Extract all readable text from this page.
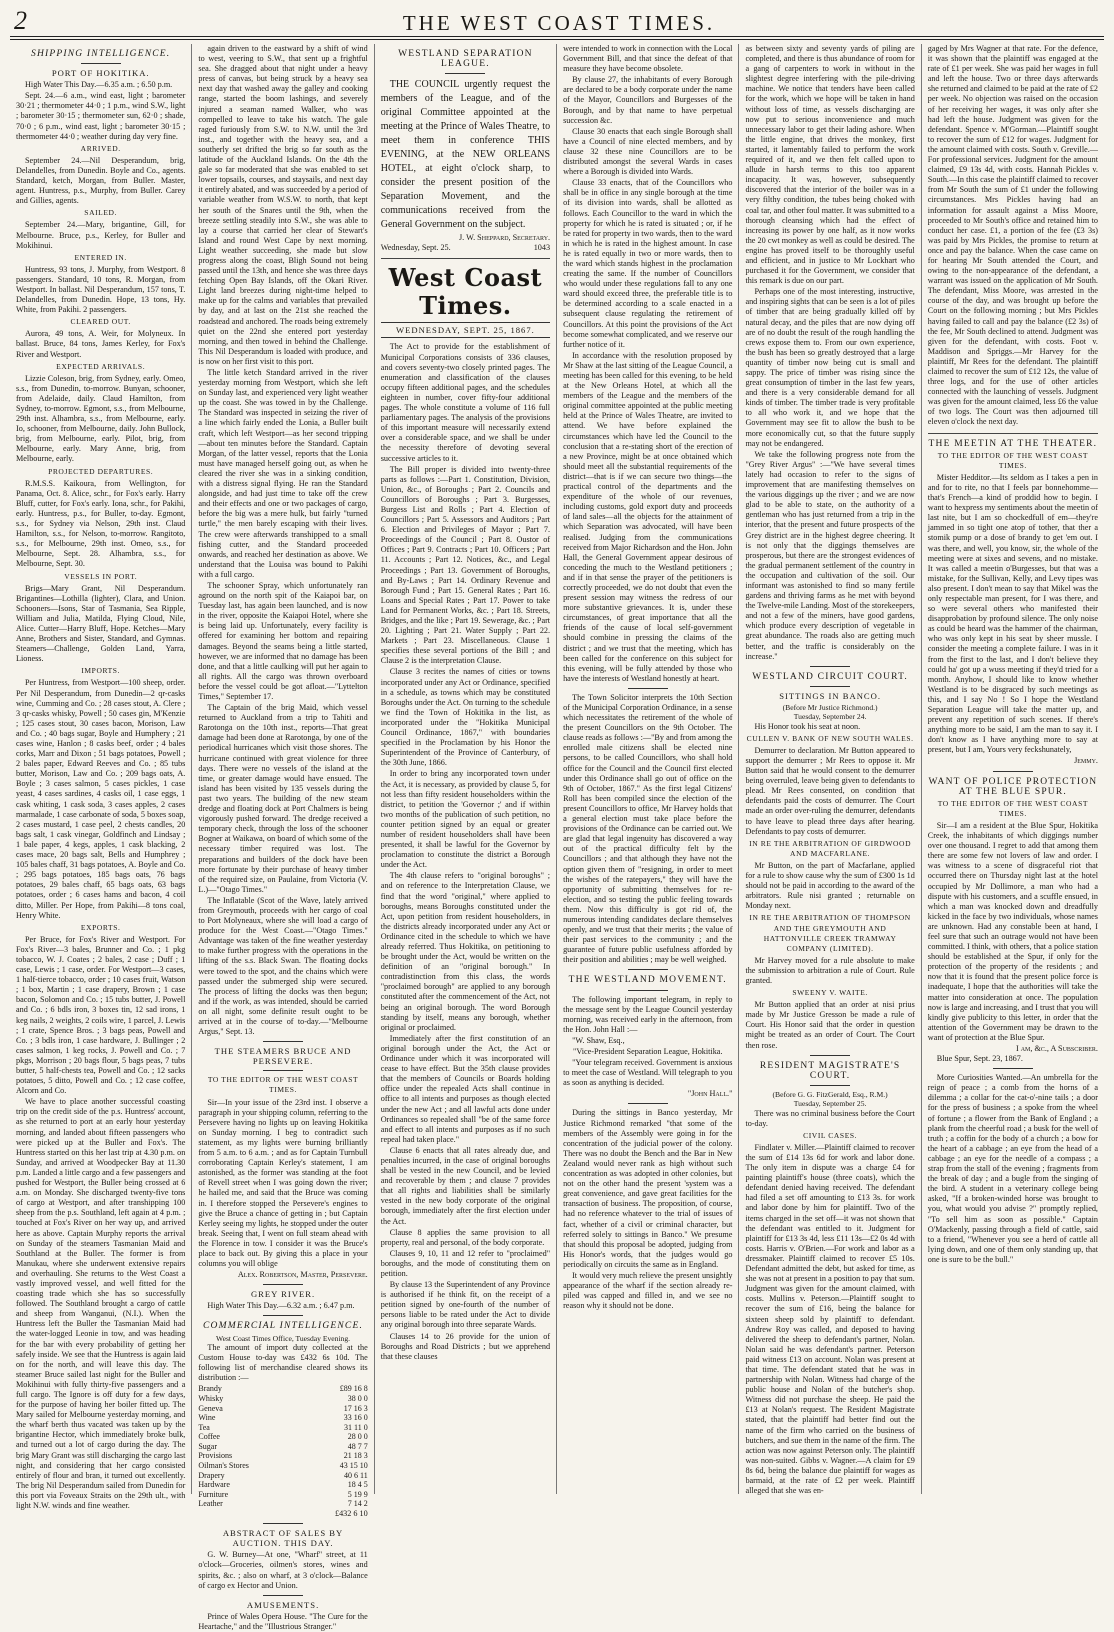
2	THE WEST COAST TIMES.
SHIPPING INTELLIGENCE.
PORT OF HOKITIKA.

High Water This Day.—6.35 a.m. ; 6.50 p.m.

Sept. 24.—6 a.m., wind east, light ; barometer 30·21 ; thermometer 44·0 ; 1 p.m., wind S.W., light ; barometer 30·15 ; thermometer sun, 62·0 ; shade, 70·0 ; 6 p.m., wind east, light ; barometer 30·15 ; thermometer 44·0 ; weather during day very fine.

ARRIVED.

September 24.—Nil Desperandum, brig, Delandelles, from Dunedin. Boyle and Co., agents. Standard, ketch, Morgan, from Buller. Master, agent. Huntress, p.s., Murphy, from Buller. Carey and Gillies, agents.

SAILED.

September 24.—Mary, brigantine, Gill, for Melbourne. Bruce, p.s., Kerley, for Buller and Mokihinui.

ENTERED IN.

Huntress, 93 tons, J. Murphy, from Westport. 8 passengers. Standard, 10 tons, R. Morgan, from Westport. In ballast. Nil Desperandum, 157 tons, T. Delandelles, from Dunedin. Hope, 13 tons, Hy. White, from Pakihi. 2 passengers.

CLEARED OUT.

Aurora, 49 tons, A. Weir, for Molyneux. In ballast. Bruce, 84 tons, James Kerley, for Fox's River and Westport.

EXPECTED ARRIVALS.

Lizzie Coleson, brig, from Sydney, early. Omeo, s.s., from Dunedin, to-morrow. Bunyan, schooner, from Adelaide, daily. Claud Hamilton, from Sydney, to-morrow. Egmont, s.s., from Melbourne, 29th inst. Alhambra, s.s., from Melbourne, early. Io, schooner, from Melbourne, daily. John Bullock, brig, from Melbourne, early. Pilot, brig, from Melbourne, early. Mary Anne, brig, from Melbourne, early.

PROJECTED DEPARTURES.

R.M.S.S. Kaikoura, from Wellington, for Panama, Oct. 8. Alice, schr., for Fox's early. Harry Bluff, cutter, for Fox's early. Iona, schr., for Pakihi, early. Huntress, p.s., for Buller, to-day. Egmont, s.s., for Sydney via Nelson, 29th inst. Claud Hamilton, s.s., for Nelson, to-morrow. Rangitoto, s.s., for Melbourne, 29th inst. Omeo, s.s., for Melbourne, Sept. 28. Alhambra, s.s., for Melbourne, Sept. 30.

VESSELS IN PORT.

Brigs—Mary Grant, Nil Desperandum. Brigantines—Lothilla (lighter), Clara, and Union. Schooners—Isons, Star of Tasmania, Sea Ripple, William and Julia, Matilda, Flying Cloud, Nile, Alice. Cutter—Harry Bluff, Hope. Ketches—Mary Anne, Brothers and Sister, Standard, and Gymnas. Steamers—Challenge, Golden Land, Yarra, Lioness.

IMPORTS.

Per Huntress, from Westport—100 sheep, order. Per Nil Desperandum, from Dunedin—2 qr-casks wine, Cumming and Co. ; 28 cases stout, A. Clere ; 3 qr-casks whisky, Powell ; 50 cases gin, M'Kenzie ; 125 cases stout, 30 cases bacon, Morison, Law and Co. ; 40 bags sugar, Boyle and Humphery ; 21 cases wine, Hanlon ; 8 casks beef, order ; 4 bales corks, Marr and Dixon ; 51 bags potatoes, Powell ; 2 bales paper, Edward Reeves and Co. ; 85 tubs butter, Morison, Law and Co. ; 209 bags oats, A. Boyle ; 3 cases salmon, 5 cases pickles, 1 case yeast, 4 cases sardines, 4 casks oil, 1 case eggs, 1 cask whiting, 1 cask soda, 3 cases apples, 2 cases marmalade, 1 case carbonate of soda, 5 boxes soap, 2 cases mustard, 1 case peel, 2 chests candles, 20 bags salt, 1 cask vinegar, Goldfinch and Lindsay ; 1 bale paper, 4 kegs, apples, 1 cask blacking, 2 cases mace, 20 bags salt, Bells and Humphrey ; 105 bales chaff, 31 bags potatoes, A. Boyle and Co. ; 295 bags potatoes, 185 bags oats, 76 bags potatoes, 29 bales chaff, 65 bags oats, 63 bags potatoes, order ; 6 cases hams and bacon, 4 coil ditto, Miller. Per Hope, from Pakihi—8 tons coal, Henry White.

EXPORTS.

Per Bruce, for Fox's River and Westport. For Fox's River—3 bales, Brunner and Co. ; 1 pkg tobacco, W. J. Coates ; 2 bales, 2 case ; Duff ; 1 case, Lewis ; 1 case, order. For Westport—3 cases, 1 half-tierce tobacco, order ; 10 cases fruit, Watson ; 1 box, Martin ; 1 case drapery, Brown ; 1 case bacon, Solomon and Co. ; 15 tubs butter, J. Powell and Co. ; 6 bdls iron, 3 boxes tin, 12 sad irons, 1 keg nails, 2 weights, 2 coils wire, 1 parcel, J. Lewis ; 1 crate, Spence Bros. ; 3 bags peas, Powell and Co. ; 3 bdls iron, 1 case hardware, J. Bullinger ; 2 cases salmon, 1 keg rocks, J. Powell and Co. ; 7 pkgs, Morrison ; 20 bags flour, 5 bags peas, 7 tubs butter, 5 half-chests tea, Powell and Co. ; 12 sacks potatoes, 5 ditto, Powell and Co. ; 12 case coffee, Alcorn and Co.

We have to place another successful coasting trip on the credit side of the p.s. Huntress' account, as she returned to port at an early hour yesterday morning, and landed about fifteen passengers who were picked up at the Buller and Fox's. The Huntress started on this her last trip at 4.30 p.m. on Sunday, and arrived at Woodpecker Bay at 11.30 p.m. Landed a little cargo and a few passengers and pushed for Westport, the Buller being crossed at 6 a.m. on Monday. She discharged twenty-five tons of cargo at Westport, and after transhipping 100 sheep from the p.s. Southland, left again at 4 p.m. ; touched at Fox's River on her way up, and arrived here as above. Captain Murphy reports the arrival on Sunday of the steamers Tasmanian Maid and Southland at the Buller. The former is from Manukau, where she underwent extensive repairs and overhauling. She returns to the West Coast a vastly improved vessel, and well fitted for the coasting trade which she has so successfully followed. The Southland brought a cargo of cattle and sheep from Wanganui, (N.I.). When the Huntress left the Buller the Tasmanian Maid had the water-logged Leonie in tow, and was heading for the bar with every probability of getting her safely inside. We see that the Huntress is again laid on for the north, and will leave this day. The steamer Bruce sailed last night for the Buller and Mokihinui with fully thirty-five passengers and a full cargo. The Ignore is off duty for a few days, for the purpose of having her boiler fitted up. The Mary sailed for Melbourne yesterday morning, and the wharf berth thus vacated was taken up by the brigantine Hector, which immediately broke bulk, and turned out a lot of cargo during the day. The brig Mary Grant was still discharging the cargo last night, and considering that her cargo consisted entirely of flour and bran, it turned out excellently. The brig Nil Desperandum sailed from Dunedin for this port via Foveaux Straits on the 29th ult., with light N.W. winds and fine weather.

again driven to the eastward by a shift of wind to west, veering to S.W., that sent up a frightful sea. She dragged about that night under a heavy press of canvas, but being struck by a heavy sea next day that washed away the galley and cooking range, started the boom lashings, and severely injured a seaman named Walker, who was compelled to leave to take his watch. The gale raged furiously from S.W. to N.W. until the 3rd inst., and together with the heavy sea, and a southerly set drifted the brig so far south as the latitude of the Auckland Islands. On the 4th the gale so far moderated that she was enabled to set lower topsails, courses, and staysails, and next day it entirely abated, and was succeeded by a period of variable weather from W.S.W. to north, that kept her south of the Snares until the 9th, when the breeze settling steadily into S.W., she was able to lay a course that carried her clear of Stewart's Island and round West Cape by next morning. Light weather succeeding, she made but slow progress along the coast, Bligh Sound not being passed until the 13th, and hence she was three days fetching Open Bay Islands, off the Okari River. Light land breezes during night-time helped to make up for the calms and variables that prevailed by day, and at last on the 21st she reached the roadstead and anchored. The roads being extremely quiet on the 22nd she entered port yesterday morning, and then towed in behind the Challenge. This Nil Desperandum is loaded with produce, and is now on her first visit to this port.

The little ketch Standard arrived in the river yesterday morning from Westport, which she left on Sunday last, and experienced very light weather up the coast. She was towed in by the Challenge. The Standard was inspected in seizing the river of a line which fairly ended the Lonia, a Buller built craft, which left Westport—as her second tripping—about ten minutes before the Standard. Captain Morgan, of the latter vessel, reports that the Lonia must have managed herself going out, as when he cleared the river she was in a sinking condition, with a distress signal flying. He ran the Standard alongside, and had just time to take off the crew and their effects and one or two packages of cargo, before the big was a mere hulk, but fairly "turned turtle," the men barely escaping with their lives. The crew were afterwards transhipped to a small fishing cutter, and the Standard proceeded onwards, and reached her destination as above. We understand that the Louisa was bound to Pakihi with a full cargo.

The schooner Spray, which unfortunately ran aground on the north spit of the Kaiapoi bar, on Tuesday last, has again been launched, and is now in the river, opposite the Kaiapoi Hotel, where she is being laid up. Unfortunately, every facility is offered for examining her bottom and repairing damages. Beyond the seams being a little started, however, we are informed that no damage has been done, and that a little caulking will put her again to all rights. All the cargo was thrown overboard before the vessel could be got afloat.—"Lyttelton Times," September 17.

The Captain of the brig Maid, which vessel returned to Auckland from a trip to Tahiti and Rarotonga on the 10th inst., reports—That great damage had been done at Rarotonga, by one of the periodical hurricanes which visit those shores. The hurricane continued with great violence for three days. There were no vessels of the island at the time, or greater damage would have ensued. The island has been visited by 135 vessels during the past two years. The building of the new steam dredge and floating dock at Port Chalmers is being vigorously pushed forward. The dredge received a temporary check, through the loss of the schooner Bogner at Waikawa, on board of which some of the necessary timber required was lost. The preparations and builders of the dock have been more fortunate by their purchase of heavy timber of the required size, on Paulaine, from Victoria (V. L.)—"Otago Times."

The Inflatable (Scot of the Wave, lately arrived from Greymouth, proceeds with her cargo of coal to Port Molyneaux, where she will load a cargo of produce for the West Coast.—"Otago Times." Advantage was taken of the fine weather yesterday to make further progress with the operations in the lifting of the s.s. Black Swan. The floating docks were towed to the spot, and the chains which were passed under the submerged ship were secured. The process of lifting the docks was then begun; and if the work, as was intended, should be carried on all night, some definite result ought to be arrived at in the course of to-day.—"Melbourne Argus," Sept. 13.

THE STEAMERS BRUCE AND PERSEVERE.
TO THE EDITOR OF THE WEST COAST TIMES.

Sir—In your issue of the 23rd inst. I observe a paragraph in your shipping column, referring to the Persevere having no lights up on leaving Hokitika on Sunday morning. I beg to contradict such statement, as my lights were burning brilliantly from 5 a.m. to 6 a.m. ; and as for Captain Turnbull corroborating Captain Kerley's statement, I am astonished, as the former was standing at the foot of Revell street when I was going down the river; he hailed me, and said that the Bruce was coming in. I therefore stopped the Persevere's engines to give the Bruce a chance of getting in ; but Captain Kerley seeing my lights, he stopped under the outer break. Seeing that, I went on full steam ahead with the Florence in tow. I consider it was the Bruce's place to back out. By giving this a place in your columns you will oblige

Alex. Robertson, Master, Persevere.
GREY RIVER.

High Water This Day.—6.32 a.m. ; 6.47 p.m.

COMMERCIAL INTELLIGENCE.
West Coast Times Office, Tuesday Evening.

The amount of import duty collected at the Custom House to-day was £432 6s 10d. The following list of merchandise cleared shows its distribution :—

Brandy	£89 16 8
Whisky	38 0 0
Geneva	17 16 3
Wine	33 16 0
Tea	31 11 0
Coffee	28 0 0
Sugar	48 7 7
Provisions	21 18 3
Oilman's Stores	43 15 10
Drapery	40 6 11
Hardware	18 4 5
Furniture	5 19 9
Leather	7 14 2
£432 6 10
ABSTRACT OF SALES BY AUCTION. THIS DAY.

G. W. Burney—At one, "Wharf" street, at 11 o'clock—Groceries, oilmen's stores, wines and spirits, &c. ; also on wharf, at 3 o'clock—Balance of cargo ex Hector and Union.

AMUSEMENTS.

Prince of Wales Opera House. "The Cure for the Heartache," and the "Illustrious Stranger."

WESTLAND SEPARATION LEAGUE.

THE COUNCIL urgently request the members of the League, and of the original Committee appointed at the meeting at the Prince of Wales Theatre, to meet them in conference THIS EVENING, at the NEW ORLEANS HOTEL, at eight o'clock sharp, to consider the present position of the Separation Movement, and the communications received from the General Government on the subject.

J. W. Sheppard, Secretary.
Wednesday, Sept. 25.	1043
West Coast Times.
WEDNESDAY, SEPT. 25, 1867.

The Act to provide for the establishment of Municipal Corporations consists of 336 clauses, and covers seventy-two closely printed pages. The enumeration and classification of the clauses occupy fifteen additional pages, and the schedules eighteen in number, cover fifty-four additional pages. The whole constitute a volume of 116 full parliamentary pages. The analysis of the provisions of this important measure will necessarily extend over a considerable space, and we shall be under the necessity therefore of devoting several successive articles to it.

The Bill proper is divided into twenty-three parts as follows :—Part 1. Constitution, Division, Union, &c., of Boroughs ; Part 2. Councils and Councillors of Boroughs ; Part 3. Burgesses, Burgess List and Rolls ; Part 4. Election of Councillors ; Part 5. Assessors and Auditors ; Part 6. Election and Privileges of Mayor ; Part 7. Proceedings of the Council ; Part 8. Oustor of Offices ; Part 9. Contracts ; Part 10. Officers ; Part 11. Accounts ; Part 12. Notices, &c., and Legal Proceedings ; Part 13. Government of Boroughs, and By-Laws ; Part 14. Ordinary Revenue and Borough Fund ; Part 15. General Rates ; Part 16. Loans and Special Rates ; Part 17. Power to take Land for Permanent Works, &c. ; Part 18. Streets, Bridges, and the like ; Part 19. Sewerage, &c. ; Part 20. Lighting ; Part 21. Water Supply ; Part 22. Markets ; Part 23. Miscellaneous. Clause 1 specifies these several portions of the Bill ; and Clause 2 is the interpretation Clause.

Clause 3 recites the names of cities or towns incorporated under any Act or Ordinance, specified in a schedule, as towns which may be constituted Boroughs under the Act. On turning to the schedule we find the Town of Hokitika in the list, as incorporated under the "Hokitika Municipal Council Ordinance, 1867," with boundaries specified in the Proclamation by his Honor the Superintendent of the Province of Canterbury, of the 30th June, 1866.

In order to bring any incorporated town under the Act, it is necessary, as provided by clause 5, for not less than fifty resident householders within the district, to petition the 'Governor ;' and if within two months of the publication of such petition, no counter petition signed by an equal or greater number of resident householders shall have been presented, it shall be lawful for the Governor by proclamation to constitute the district a Borough under the Act.

The 4th clause refers to "original boroughs" ; and on reference to the Interpretation Clause, we find that the word "original," where applied to boroughs, means Boroughs constituted under the Act, upon petition from resident householders, in the districts already incorporated under any Act or Ordinance cited in the schedule to which we have already referred. Thus Hokitika, on petitioning to be brought under the Act, would be written on the definition of an "original borough." In contradistinction from this class, the words "proclaimed borough" are applied to any borough constituted after the commencement of the Act, not being an original borough. The word Borough standing by itself, means any borough, whether original or proclaimed.

Immediately after the first constitution of an original borough under the Act, the Act or Ordinance under which it was incorporated will cease to have effect. But the 35th clause provides that the members of Councils or Boards holding office under the repealed Acts shall continue in office to all intents and purposes as though elected under the new Act ; and all lawful acts done under Ordinances so repealed shall "be of the same force and effect to all intents and purposes as if no such repeal had taken place."

Clause 6 enacts that all rates already due, and penalties incurred, in the case of original boroughs shall be vested in the new Council, and be levied and recoverable by them ; and clause 7 provides that all rights and liabilities shall be similarly vested in the new body corporate of the original borough, immediately after the first election under the Act.

Clause 8 applies the same provision to all property, real and personal, of the body corporate.

Clauses 9, 10, 11 and 12 refer to "proclaimed" boroughs, and the mode of constituting them on petition.

By clause 13 the Superintendent of any Province is authorised if he think fit, on the receipt of a petition signed by one-fourth of the number of persons liable to be rated under the Act to divide any original borough into three separate Wards.

Clauses 14 to 26 provide for the union of Boroughs and Road Districts ; but we apprehend that these clauses

were intended to work in connection with the Local Government Bill, and that since the defeat of that measure they have become obsolete.

By clause 27, the inhabitants of every Borough are declared to be a body corporate under the name of the Mayor, Councillors and Burgesses of the Borough, and by that name to have perpetual succession &c.

Clause 30 enacts that each single Borough shall have a Council of nine elected members, and by clause 32 these nine Councillors are to be distributed amongst the several Wards in cases where a Borough is divided into Wards.

Clause 33 enacts, that of the Councillors who shall be in office in any single borough at the time of its division into wards, shall be allotted as follows. Each Councillor to the ward in which the property for which he is rated is situated ; or, if he be rated for property in two wards, then to the ward in which he is rated in the highest amount. In case he is rated equally in two or more wards, then to the ward which stands highest in the proclamation creating the same. If the number of Councillors who would under these regulations fall to any one ward should exceed three, the preferable title is to be determined according to a scale enacted in a subsequent clause regulating the retirement of Councillors. At this point the provisions of the Act become somewhat complicated, and we reserve our further notice of it.

In accordance with the resolution proposed by Mr Shaw at the last sitting of the League Council, a meeting has been called for this evening, to be held at the New Orleans Hotel, at which all the members of the League and the members of the original committee appointed at the public meeting held at the Prince of Wales Theatre, are invited to attend. We have before explained the circumstances which have led the Council to the conclusion that a re-stating short of the erection of a new Province, might be at once obtained which should meet all the substantial requirements of the district—that is if we can secure two things—the practical control of the departments and the expenditure of the whole of our revenues, including customs, gold export duty and proceeds of land sales—all the objects for the attainment of which Separation was advocated, will have been realised. Judging from the communications received from Major Richardson and the Hon. John Hall, the General Government appear desirous of conceding the much to the Westland petitioners ; and if in that sense the prayer of the petitioners is correctly proceeded, we do not doubt that even the present session may witness the redress of our more substantive grievances. It is, under these circumstances, of great importance that all the friends of the cause of local self-government should combine in pressing the claims of the district ; and we trust that the meeting, which has been called for the conference on this subject for this evening, will be fully attended by those who have the interests of Westland honestly at heart.

The Town Solicitor interprets the 10th Section of the Municipal Corporation Ordinance, in a sense which necessitates the retirement of the whole of the present Councillors on the 9th October. The clause reads as follows :—"By and from among the enrolled male citizens shall be elected nine persons, to be called Councillors, who shall hold office for the Council and the Council first elected under this Ordinance shall go out of office on the 9th of October, 1867." As the first legal Citizens' Roll has been compiled since the election of the present Councillors to office, Mr Harvey holds that a general election must take place before the provisions of the Ordinance can be carried out. We are glad that legal ingenuity has discovered a way out of the practical difficulty felt by the Councillors ; and that although they have not the option given them of "resigning, in order to meet the wishes of the ratepayers," they will have the opportunity of submitting themselves for re-election, and so testing the public feeling towards them. Now this difficulty is got rid of, the numerous intending candidates declare themselves openly, and we trust that their merits ; the value of their past services to the community ; and the guarantee of future public usefulness afforded by their position and abilities ; may be well weighed.

THE WESTLAND MOVEMENT.

The following important telegram, in reply to the message sent by the League Council yesterday morning, was received early in the afternoon, from the Hon. John Hall :—

"W. Shaw, Esq.,

"Vice-President Separation League, Hokitika.

"Your telegram received. Government is anxious to meet the case of Westland. Will telegraph to you as soon as anything is decided.

"John Hall."

During the sittings in Banco yesterday, Mr Justice Richmond remarked "that some of the members of the Assembly were going in for the concentration of the judicial power of the colony. There was no doubt the Bench and the Bar in New Zealand would never rank as high without such concentration as was adopted in other colonies, but not on the other hand the present 'system was a great convenience, and gave great facilities for the transaction of business. The proposition, of course, had no reference whatever to the trial of issues of fact, whether of a civil or criminal character, but referred solely to sittings in Banco." We presume that should this proposal be adopted, judging from His Honor's words, that the judges would go periodically on circuits the same as in England.

It would very much relieve the present unsightly appearance of the wharf if the section already re-piled was capped and filled in, and we see no reason why it should not be done.

as between sixty and seventy yards of piling are completed, and there is thus abundance of room for a gang of carpenters to work in without in the slightest degree interfering with the pile-driving machine. We notice that tenders have been called for the work, which we hope will be taken in hand without loss of time, as vessels discharging are now put to serious inconvenience and much unnecessary labor to get their lading ashore. When the little engine, that drives the monkey, first started, it lamentably failed to perform the work required of it, and we then felt called upon to allude in harsh terms to this too apparent incapacity. It was, however, subsequently discovered that the interior of the boiler was in a very filthy condition, the tubes being choked with coal tar, and other foul matter. It was submitted to a thorough cleansing which had the effect of increasing its power by one half, as it now works the 20 cwt monkey as well as could be desired. The engine has proved itself to be thoroughly useful and efficient, and in justice to Mr Lockhart who purchased it for the Government, we consider that this remark is due on our part.

Perhaps one of the most interesting, instructive, and inspiring sights that can be seen is a lot of piles of timber that are being gradually killed off by natural decay, and the piles that are now dying off are of no doubt the result of the rough handling the crews expose them to. From our own experience, the bush has been so greatly destroyed that a large quantity of timber now being cut is small and sappy. The price of timber was rising since the great consumption of timber in the last few years, and there is a very considerable demand for all kinds of timber. The timber trade is very profitable to all who work it, and we hope that the Government may see fit to allow the bush to be more economically cut, so that the future supply may not be endangered.

We take the following progress note from the "Grey River Argus" :—"We have several times lately had occasion to refer to the signs of improvement that are manifesting themselves on the various diggings up the river ; and we are now glad to be able to state, on the authority of a gentleman who has just returned from a trip in the interior, that the present and future prospects of the Grey district are in the highest degree cheering. It is not only that the diggings themselves are prosperous, but there are the strongest evidences of the gradual permanent settlement of the country in the occupation and cultivation of the soil. Our informant was astonished to find so many fertile gardens and thriving farms as he met with beyond the Twelve-mile Landing. Most of the storekeepers, and not a few of the miners, have good gardens, which produce every description of vegetable in great abundance. The roads also are getting much better, and the traffic is considerably on the increase."

WESTLAND CIRCUIT COURT.
SITTINGS IN BANCO.
(Before Mr Justice Richmond.)
Tuesday, September 24.

His Honor took his seat at noon.

CULLEN V. BANK OF NEW SOUTH WALES.

Demurrer to declaration. Mr Button appeared to support the demurrer ; Mr Rees to oppose it. Mr Button said that he would consent to the demurrer being overruled, leave being given to defendants to plead. Mr Rees consented, on condition that defendants paid the costs of demurrer. The Court made an order over-ruling the demurrer, defendants to have leave to plead three days after hearing. Defendants to pay costs of demurrer.

IN RE THE ARBITRATION OF GIRDWOOD AND MACFARLANE.

Mr Button, on the part of Macfarlane, applied for a rule to show cause why the sum of £300 1s 1d should not be paid in according to the award of the arbitrators. Rule nisi granted ; returnable on Monday next.

IN RE THE ARBITRATION OF THOMPSON AND THE GREYMOUTH AND HATTONVILLE CREEK TRAMWAY COMPANY (LIMITED).

Mr Harvey moved for a rule absolute to make the submission to arbitration a rule of Court. Rule granted.

SWEENY V. WAITE.

Mr Button applied that an order at nisi prius made by Mr Justice Gresson be made a rule of Court. His Honor said that the order in question might be treated as an order of Court. The Court then rose.

RESIDENT MAGISTRATE'S COURT.
(Before G. G. FitzGerald, Esq., R.M.)
Tuesday, September 25.

There was no criminal business before the Court to-day.

CIVIL CASES.

Findlater v. Miller.—Plaintiff claimed to recover the sum of £14 13s 6d for work and labor done. The only item in dispute was a charge £4 for painting plaintiff's house (three coats), which the defendant denied having received. The defendant had filed a set off amounting to £13 3s. for work and labor done by him for plaintiff. Two of the items charged in the set off—it was not shown that the defendant was entitled to it. Judgment for plaintiff for £13 3s 4d, less £11 13s—£2 0s 4d with costs. Harris v. O'Brien.—For work and labor as a dressmaker. Plaintiff claimed to recover £5 10s. Defendant admitted the debt, but asked for time, as she was not at present in a position to pay that sum. Judgment was given for the amount claimed, with costs. Mullins v. Peterson.—Plaintiff sought to recover the sum of £16, being the balance for sixteen sheep sold by plaintiff to defendant. Andrew Roy was called, and deposed to having delivered the sheep to defendant's partner, Nolan. Nolan said he was defendant's partner. Peterson paid witness £13 on account. Nolan was present at that time. The defendant stated that he was in partnership with Nolan. Witness had charge of the public house and Nolan of the butcher's shop. Witness did not purchase the sheep. He paid the £13 at Nolan's request. The Resident Magistrate stated, that the plaintiff had better find out the name of the firm who carried on the business of butchers, and sue them in the name of the firm. The action was now against Peterson only. The plaintiff was non-suited. Gibbs v. Wagner.—A claim for £9 8s 6d, being the balance due plaintiff for wages as barmaid, at the rate of £2 per week. Plaintiff alleged that she was en-

gaged by Mrs Wagner at that rate. For the defence, it was shown that the plaintiff was engaged at the rate of £1 per week. She was paid her wages in full and left the house. Two or three days afterwards she returned and claimed to be paid at the rate of £2 per week. No objection was raised on the occasion of her receiving her wages, it was only after she had left the house. Judgment was given for the defendant. Spence v. M'Gorman.—Plaintiff sought to recover the sum of £12 for wages. Judgment for the amount claimed with costs. South v. Greville.—For professional services. Judgment for the amount claimed, £9 13s 4d, with costs. Hannah Pickles v. South.—In this case the plaintiff claimed to recover from Mr South the sum of £1 under the following circumstances. Mrs Pickles having had an information for assault against a Miss Moore, proceeded to Mr South's office and retained him to conduct her case. £1, a portion of the fee (£3 3s) was paid by Mrs Pickles, the promise to return at once and pay the balance. When the case came on for hearing Mr South attended the Court, and owing to the non-appearance of the defendant, a warrant was issued on the application of Mr South. The defendant, Miss Moore, was arrested in the course of the day, and was brought up before the Court on the following morning ; but Mrs Pickles having failed to call and pay the balance (£2 3s) of the fee, Mr South declined to attend. Judgment was given for the defendant, with costs. Foot v. Maddison and Spriggs.—Mr Harvey for the plaintiff, Mr Rees for the defendant. The plaintiff claimed to recover the sum of £12 12s, the value of three logs, and for the use of other articles connected with the launching of vessels. Judgment was given for the amount claimed, less £6 the value of two logs. The Court was then adjourned till eleven o'clock the next day.

THE MEETIN AT THE THEATER.
TO THE EDITOR OF THE WEST COAST TIMES.

Mister Hedditor.—Its seldom as I takes a pen in and for to rite, no that I feels par bonnehomme—that's French—a kind of proddid how to begin. I want to hexpress my sentiments about the meetin of last nite, but I am so chockedfull of em—they're jammed in so tight one atop of tother, that ther a stomik pump or a dose of brandy to get 'em out. I was there, and well, you know, sir, the whole of the meeting were at sixes and sevens, and no mistake. It was called a meetin o'Burgesses, but that was a mistake, for the Sullivan, Kelly, and Levy tipes was also present. I don't mean to say that Mikel was the only respectable man present, for I was there, and so were several others who manifested their disapprobation by profound silence. The only noise as could be heard was the hammer of the chairman, who was only kept in his seat by sheer mussle. I consider the meeting a complete failure. I was in it from the first to the last, and I don't believe they could ha' got up a wuss meeting if they'd tried for a month. Anyhow, I should like to know whether Westland is to be disgraced by such meetings as this, and I say No ! So I hope the Westland Separation League will take the matter up, and prevent any repetition of such scenes. If there's anything more to be said, I am the man to say it. I don't know as I have anything more to say at present, but I am, Yours very feckshunately,

Jemmy.
WANT OF POLICE PROTECTION AT THE BLUE SPUR.
TO THE EDITOR OF THE WEST COAST TIMES.

Sir—I am a resident at the Blue Spur, Hokitika Creek, the inhabitants of which diggings number over one thousand. I regret to add that among them there are some few not lovers of law and order. I was witness to a scene of disgraceful riot that occurred there on Thursday night last at the hotel occupied by Mr Dollimore, a man who had a dispute with his customers, and a scuffle ensued, in which a man was knocked down and dreadfully kicked in the face by two individuals, whose names are unknown. Had any constable been at hand, I feel sure that such an outrage would not have been committed. I think, with others, that a police station should be established at the Spur, if only for the protection of the property of the residents ; and now that it is found that the present police force is inadequate, I hope that the authorities will take the matter into consideration at once. The population now is large and increasing, and I trust that you will kindly give publicity to this letter, in order that the attention of the Government may be drawn to the want of protection at the Blue Spur.

I am, &c., A Subscriber.

Blue Spur, Sept. 23, 1867.

More Curiosities Wanted.—An umbrella for the reign of peace ; a comb from the horns of a dilemma ; a collar for the cat-o'-nine tails ; a door for the press of business ; a spoke from the wheel of fortune ; a flower from the Bank of England ; a plank from the cheerful road ; a busk for the well of truth ; a coffin for the body of a church ; a bow for the heart of a cabbage ; an eye from the head of a cabbage ; an eye for the needle of a compass ; a strap from the stall of the evening ; fragments from the break of day ; and a bugle from the singing of the bird. A student in a veterinary college being asked, "If a broken-winded horse was brought to you, what would you advise ?" promptly replied, "To sell him as soon as possible." Captain O'Mackenly, passing through a field of cattle, said to a friend, "Whenever you see a herd of cattle all lying down, and one of them only standing up, that one is sure to be the bull."
